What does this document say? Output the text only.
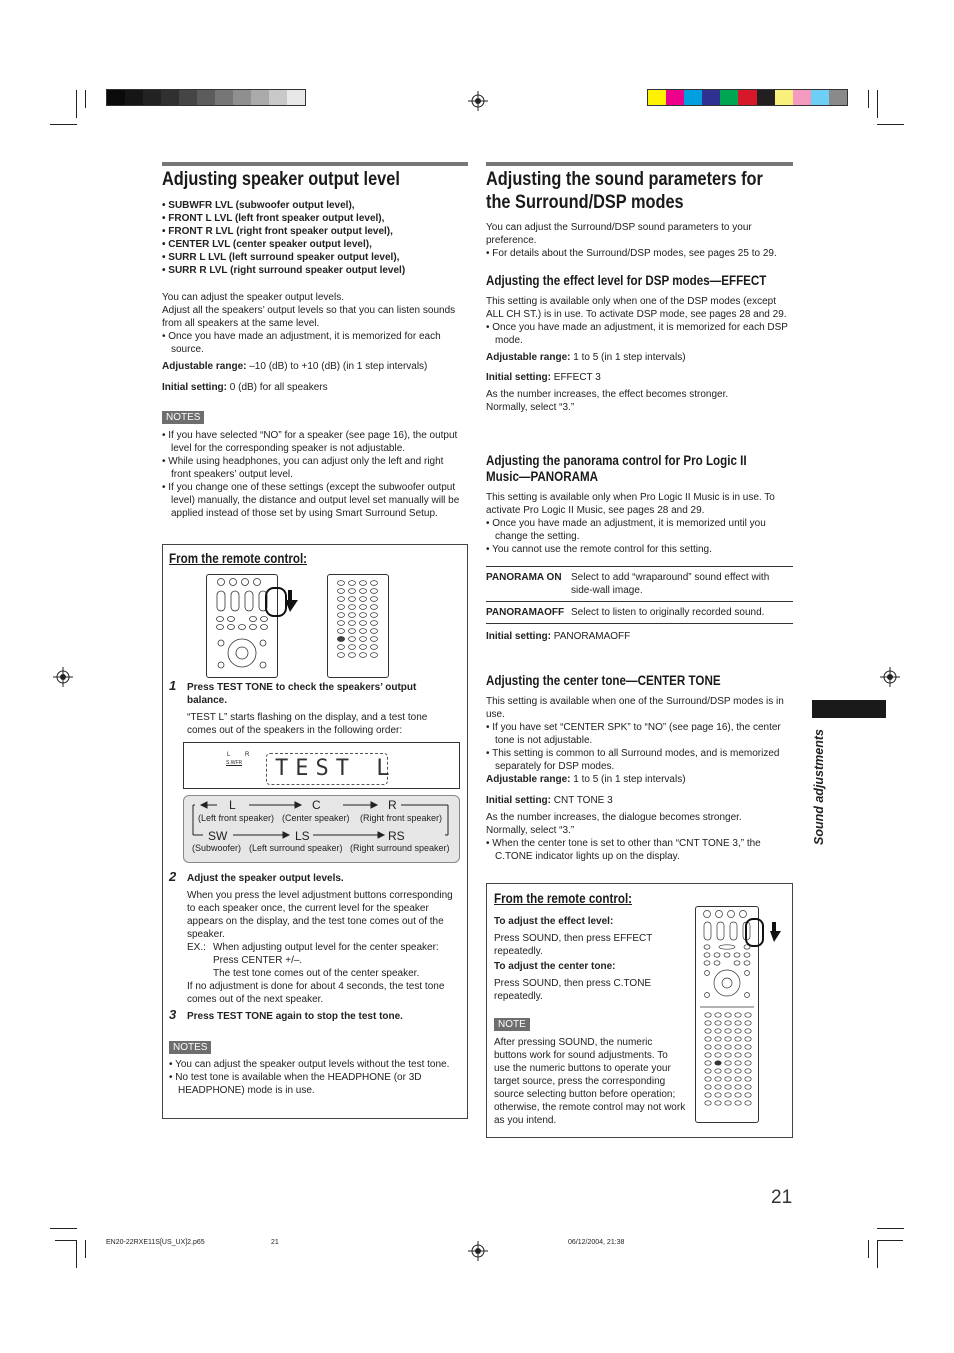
Adjusting speaker output level
• SUBWFR LVL (subwoofer output level),
• FRONT L LVL (left front speaker output level),
• FRONT R LVL (right front speaker output level),
• CENTER LVL (center speaker output level),
• SURR L LVL (left surround speaker output level),
• SURR R LVL (right surround speaker output level)
You can adjust the speaker output levels.
Adjust all the speakers’ output levels so that you can listen sounds from all speakers at the same level.
• Once you have made an adjustment, it is memorized for each source.
Adjustable range: –10 (dB) to +10 (dB) (in 1 step intervals)
Initial setting: 0 (dB) for all speakers
NOTES
• If you have selected “NO” for a speaker (see page 16), the output level for the corresponding speaker is not adjustable.
• While using headphones, you can adjust only the left and right front speakers’ output level.
• If you change one of these settings (except the subwoofer output level) manually, the distance and output level set manually will be applied instead of those set by using Smart Surround Setup.
From the remote control:
1 Press TEST TONE to check the speakers’ output balance.
“TEST L” starts flashing on the display, and a test tone comes out of the speakers in the following order:
L R
S.WFR TEST L
L	C	R
(Left front speaker) (Center speaker) (Right front speaker)
SW	LS	RS
(Subwoofer) (Left surround speaker) (Right surround speaker)
2 Adjust the speaker output levels.
When you press the level adjustment buttons corresponding to each speaker once, the current level for the speaker appears on the display, and the test tone comes out of the speaker.
EX.: When adjusting output level for the center speaker: Press CENTER +/–.
The test tone comes out of the center speaker.
If no adjustment is done for about 4 seconds, the test tone comes out of the next speaker.
3 Press TEST TONE again to stop the test tone.
NOTES
• You can adjust the speaker output levels without the test tone.
• No test tone is available when the HEADPHONE (or 3D HEADPHONE) mode is in use.
Adjusting the sound parameters for the Surround/DSP modes
You can adjust the Surround/DSP sound parameters to your preference.
• For details about the Surround/DSP modes, see pages 25 to 29.
Adjusting the effect level for DSP modes—EFFECT
This setting is available only when one of the DSP modes (except ALL CH ST.) is in use. To activate DSP mode, see pages 28 and 29.
• Once you have made an adjustment, it is memorized for each DSP mode.
Adjustable range: 1 to 5 (in 1 step intervals)
Initial setting: EFFECT 3
As the number increases, the effect becomes stronger.
Normally, select “3.”
Adjusting the panorama control for Pro Logic II
Music—PANORAMA
This setting is available only when Pro Logic II Music is in use. To activate Pro Logic II Music, see pages 28 and 29.
• Once you have made an adjustment, it is memorized until you change the setting.
• You cannot use the remote control for this setting.
PANORAMA ON Select to add “wraparound” sound effect with side-wall image.
PANORAMAOFF Select to listen to originally recorded sound.
Initial setting: PANORAMAOFF
Adjusting the center tone—CENTER TONE
This setting is available when one of the Surround/DSP modes is in use.
• If you have set “CENTER SPK” to “NO” (see page 16), the center tone is not adjustable.
• This setting is common to all Surround modes, and is memorized separately for DSP modes.
Adjustable range: 1 to 5 (in 1 step intervals)
Initial setting: CNT TONE 3
As the number increases, the dialogue becomes stronger.
Normally, select “3.”
• When the center tone is set to other than “CNT TONE 3,” the C.TONE indicator lights up on the display.
From the remote control:
To adjust the effect level:
Press SOUND, then press EFFECT repeatedly.
To adjust the center tone:
Press SOUND, then press C.TONE repeatedly.
NOTE
After pressing SOUND, the numeric buttons work for sound adjustments. To use the numeric buttons to operate your target source, press the corresponding source selecting button before operation; otherwise, the remote control may not work as you intend.
Sound adjustments
21
EN20-22RXE11S[US_UX]2.p65	21	06/12/2004, 21:38
